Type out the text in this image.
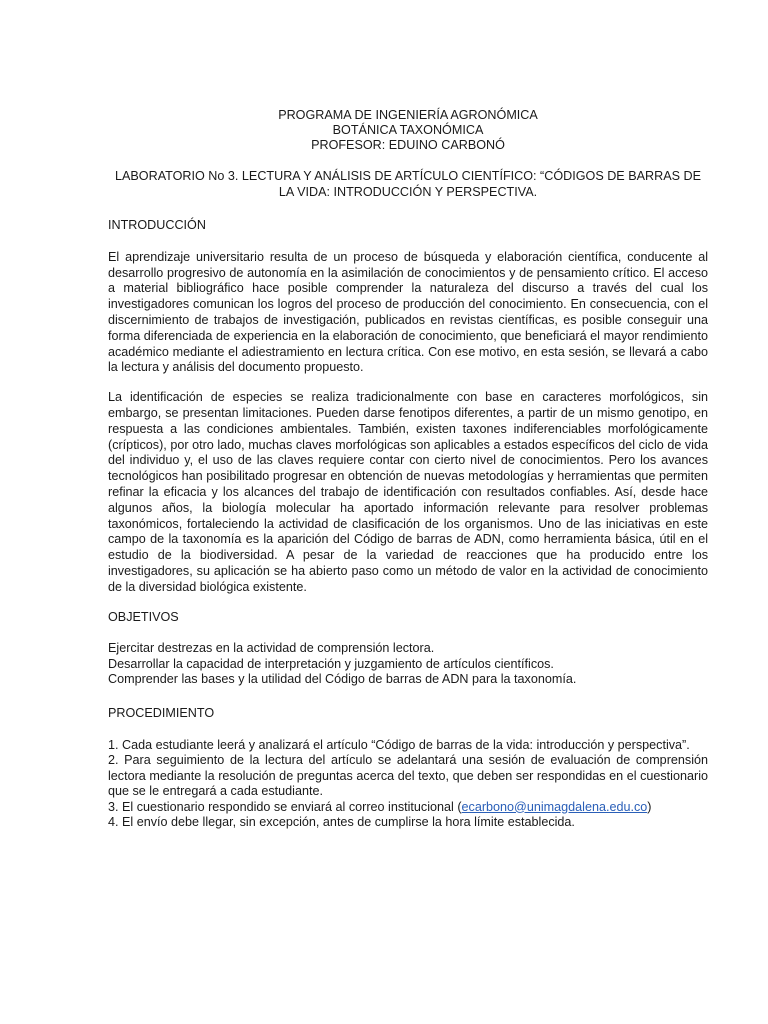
PROGRAMA DE INGENIERÍA AGRONÓMICA
BOTÁNICA TAXONÓMICA
PROFESOR: EDUINO CARBONÓ
LABORATORIO No 3. LECTURA Y ANÁLISIS DE ARTÍCULO CIENTÍFICO: “CÓDIGOS DE BARRAS DE LA VIDA: INTRODUCCIÓN Y PERSPECTIVA.
INTRODUCCIÓN

El aprendizaje universitario resulta de un proceso de búsqueda y elaboración científica, conducente al desarrollo progresivo de autonomía en la asimilación de conocimientos y de pensamiento crítico. El acceso a material bibliográfico hace posible comprender la naturaleza del discurso a través del cual los investigadores comunican los logros del proceso de producción del conocimiento. En consecuencia, con el discernimiento de trabajos de investigación, publicados en revistas científicas, es posible conseguir una forma diferenciada de experiencia en la elaboración de conocimiento, que beneficiará el mayor rendimiento académico mediante el adiestramiento en lectura crítica. Con ese motivo, en esta sesión, se llevará a cabo la lectura y análisis del documento propuesto.

La identificación de especies se realiza tradicionalmente con base en caracteres morfológicos, sin embargo, se presentan limitaciones. Pueden darse fenotipos diferentes, a partir de un mismo genotipo, en respuesta a las condiciones ambientales. También, existen taxones indiferenciables morfológicamente (crípticos), por otro lado, muchas claves morfológicas son aplicables a estados específicos del ciclo de vida del individuo y, el uso de las claves requiere contar con cierto nivel de conocimientos. Pero los avances tecnológicos han posibilitado progresar en obtención de nuevas metodologías y herramientas que permiten refinar la eficacia y los alcances del trabajo de identificación con resultados confiables. Así, desde hace algunos años, la biología molecular ha aportado información relevante para resolver problemas taxonómicos, fortaleciendo la actividad de clasificación de los organismos. Uno de las iniciativas en este campo de la taxonomía es la aparición del Código de barras de ADN, como herramienta básica, útil en el estudio de la biodiversidad. A pesar de la variedad de reacciones que ha producido entre los investigadores, su aplicación se ha abierto paso como un método de valor en la actividad de conocimiento de la diversidad biológica existente.

OBJETIVOS
Ejercitar destrezas en la actividad de comprensión lectora.
Desarrollar la capacidad de interpretación y juzgamiento de artículos científicos.
Comprender las bases y la utilidad del Código de barras de ADN para la taxonomía.
PROCEDIMIENTO
1. Cada estudiante leerá y analizará el artículo “Código de barras de la vida: introducción y perspectiva”.
2. Para seguimiento de la lectura del artículo se adelantará una sesión de evaluación de comprensión lectora mediante la resolución de preguntas acerca del texto, que deben ser respondidas en el cuestionario que se le entregará a cada estudiante.
3. El cuestionario respondido se enviará al correo institucional (ecarbono@unimagdalena.edu.co)
4. El envío debe llegar, sin excepción, antes de cumplirse la hora límite establecida.
